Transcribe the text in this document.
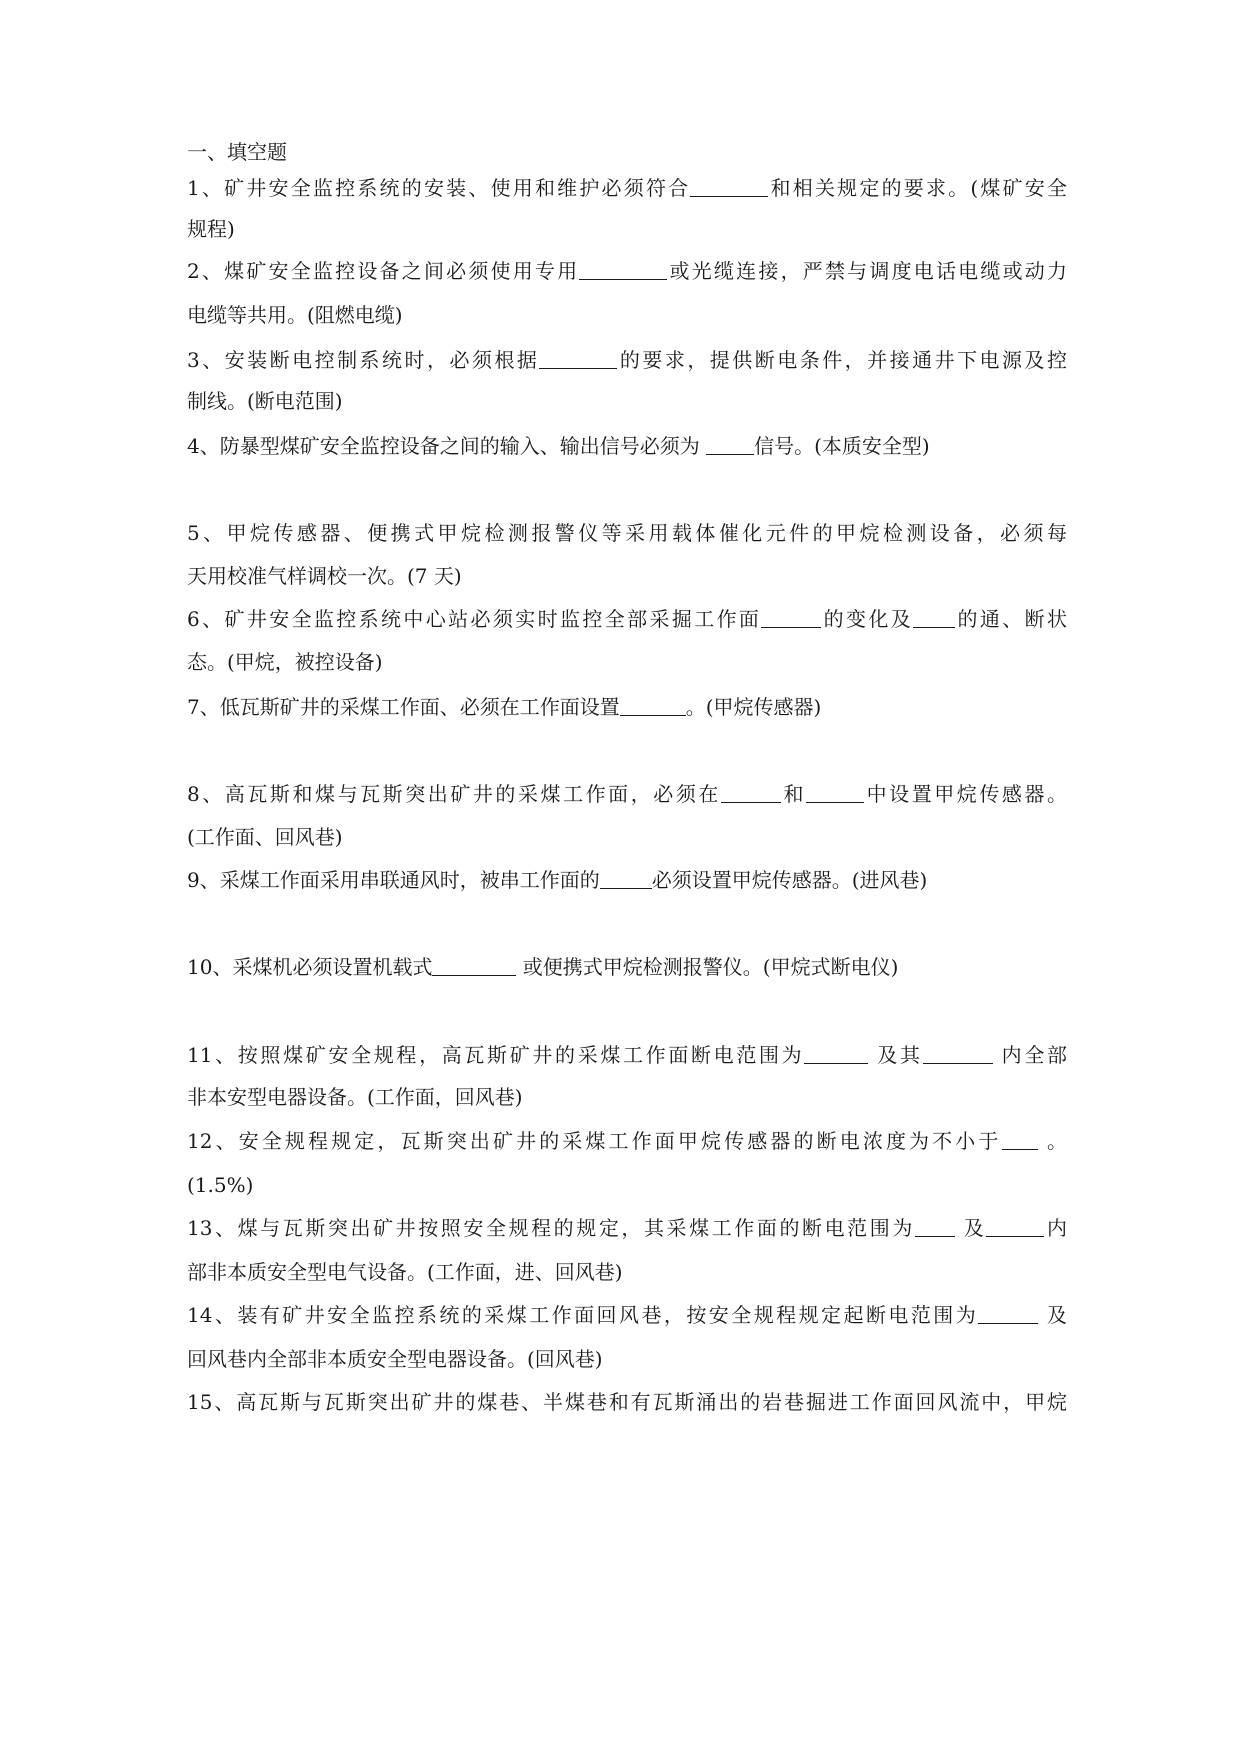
一、填空题
1、矿井安全监控系统的安装、使用和维护必须符合	和相关规定的要求。(煤矿安全
规程)
2、煤矿安全监控设备之间必须使用专用	或光缆连接，严禁与调度电话电缆或动力
电缆等共用。(阻燃电缆)
3、安装断电控制系统时，必须根据	的要求，提供断电条件，并接通井下电源及控
制线。(断电范围)
4、防暴型煤矿安全监控设备之间的输入、输出信号必须为 信号。(本质安全型)
5、甲烷传感器、便携式甲烷检测报警仪等采用载体催化元件的甲烷检测设备，必须每
天用校准气样调校一次。(7 天)
6、矿井安全监控系统中心站必须实时监控全部采掘工作面	的变化及 的通、断状
态。(甲烷，被控设备)
7、低瓦斯矿井的采煤工作面、必须在工作面设置	。(甲烷传感器)
8、高瓦斯和煤与瓦斯突出矿井的采煤工作面，必须在	和	中设置甲烷传感器。
(工作面、回风巷)
9、采煤工作面采用串联通风时，被串工作面的	必须设置甲烷传感器。(进风巷)
10、采煤机必须设置机载式	或便携式甲烷检测报警仪。(甲烷式断电仪)
11、按照煤矿安全规程，高瓦斯矿井的采煤工作面断电范围为	及其	内全部
非本安型电器设备。(工作面，回风巷)
12、安全规程规定，瓦斯突出矿井的采煤工作面甲烷传感器的断电浓度为不小于 。
(1.5%)
13、煤与瓦斯突出矿井按照安全规程的规定，其采煤工作面的断电范围为 及	内
部非本质安全型电气设备。(工作面，进、回风巷)
14、装有矿井安全监控系统的采煤工作面回风巷，按安全规程规定起断电范围为	及
回风巷内全部非本质安全型电器设备。(回风巷)
15、高瓦斯与瓦斯突出矿井的煤巷、半煤巷和有瓦斯涌出的岩巷掘进工作面回风流中，甲烷
